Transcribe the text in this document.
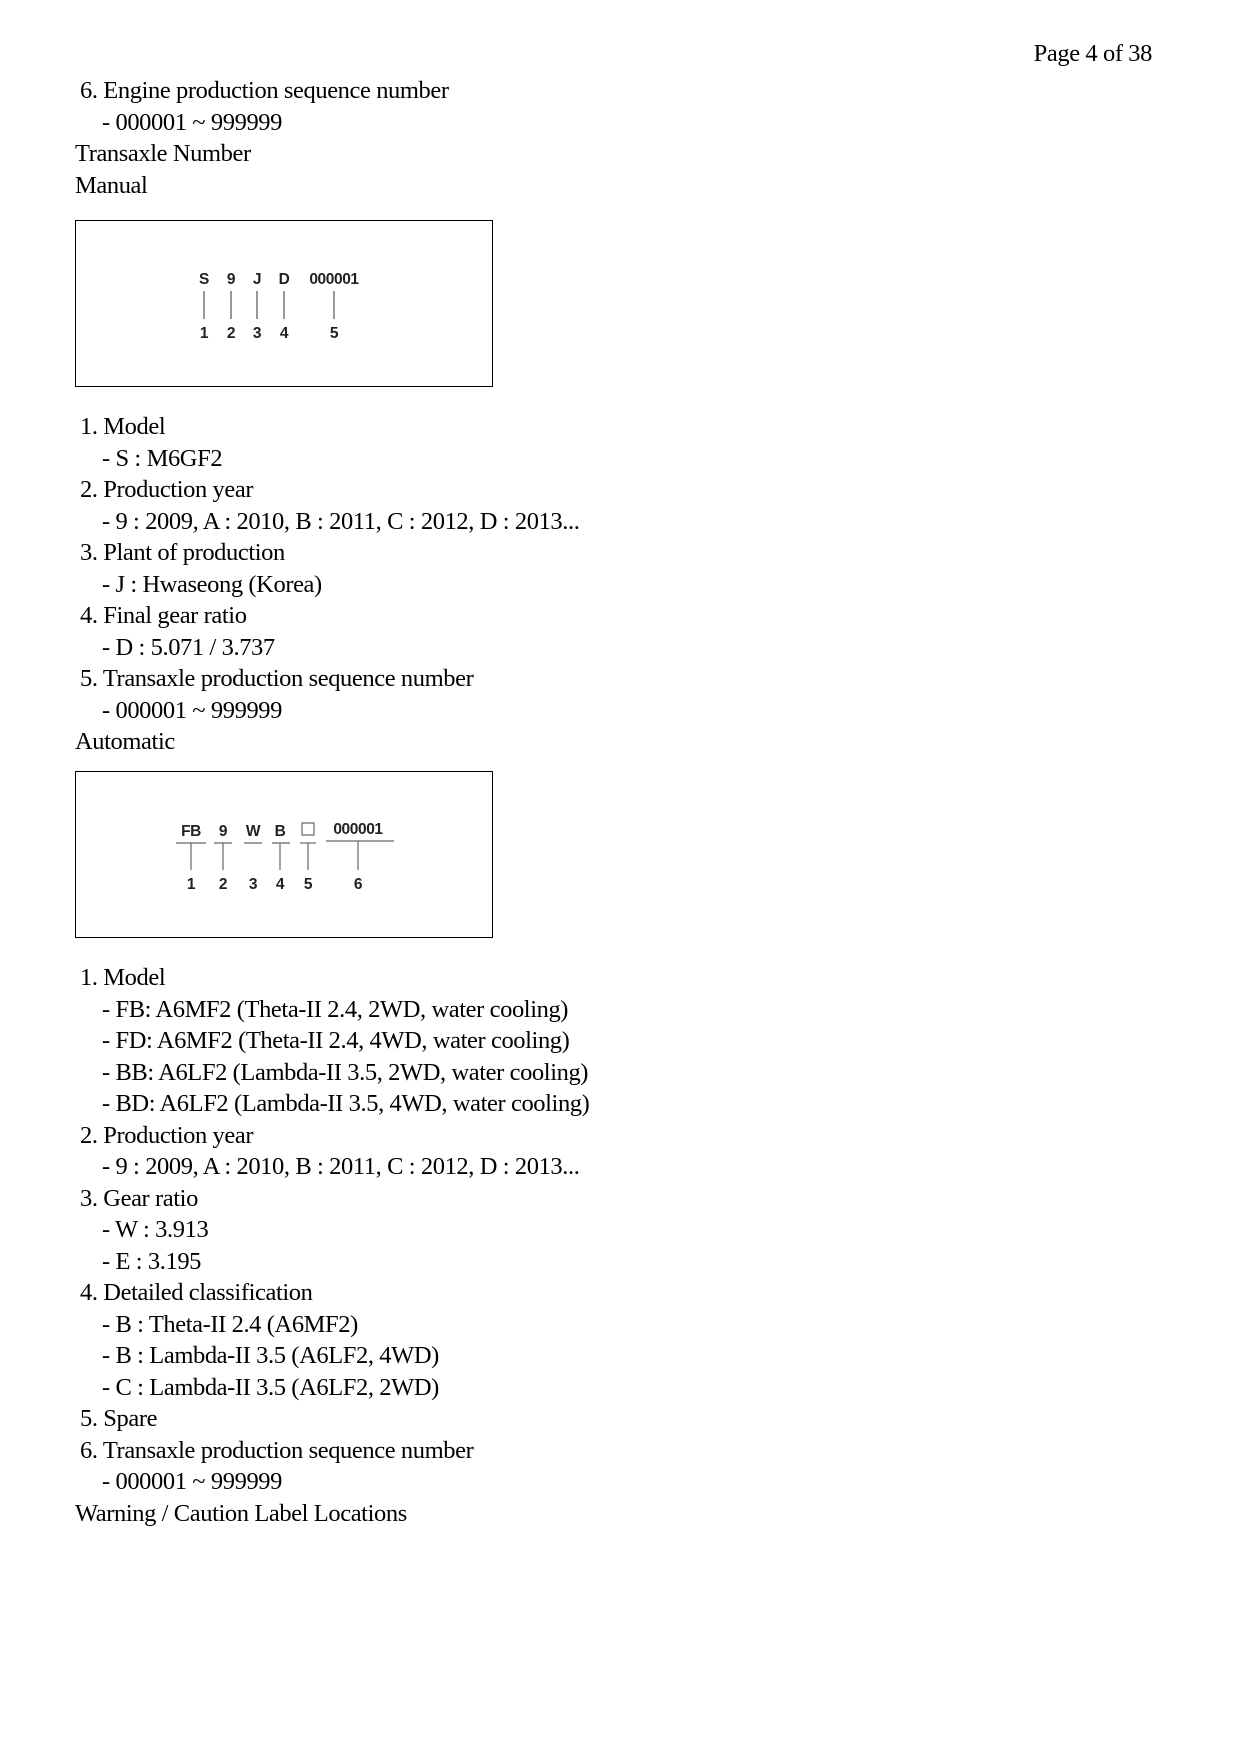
Page 4 of 38
6. Engine production sequence number
- 000001 ~ 999999
Transaxle Number
Manual
S 9 J D 000001
1 2 3 4	5
1. Model
- S : M6GF2
2. Production year
- 9 : 2009, A : 2010, B : 2011, C : 2012, D : 2013...
3. Plant of production
- J : Hwaseong (Korea)
4. Final gear ratio
- D : 5.071 / 3.737
5. Transaxle production sequence number
- 000001 ~ 999999
Automatic
FB 9 W B	000001
1 2 3 4 5	6
1. Model
- FB: A6MF2 (Theta-II 2.4, 2WD, water cooling)
- FD: A6MF2 (Theta-II 2.4, 4WD, water cooling)
- BB: A6LF2 (Lambda-II 3.5, 2WD, water cooling)
- BD: A6LF2 (Lambda-II 3.5, 4WD, water cooling)
2. Production year
- 9 : 2009, A : 2010, B : 2011, C : 2012, D : 2013...
3. Gear ratio
- W : 3.913
- E : 3.195
4. Detailed classification
- B : Theta-II 2.4 (A6MF2)
- B : Lambda-II 3.5 (A6LF2, 4WD)
- C : Lambda-II 3.5 (A6LF2, 2WD)
5. Spare
6. Transaxle production sequence number
- 000001 ~ 999999
Warning / Caution Label Locations
